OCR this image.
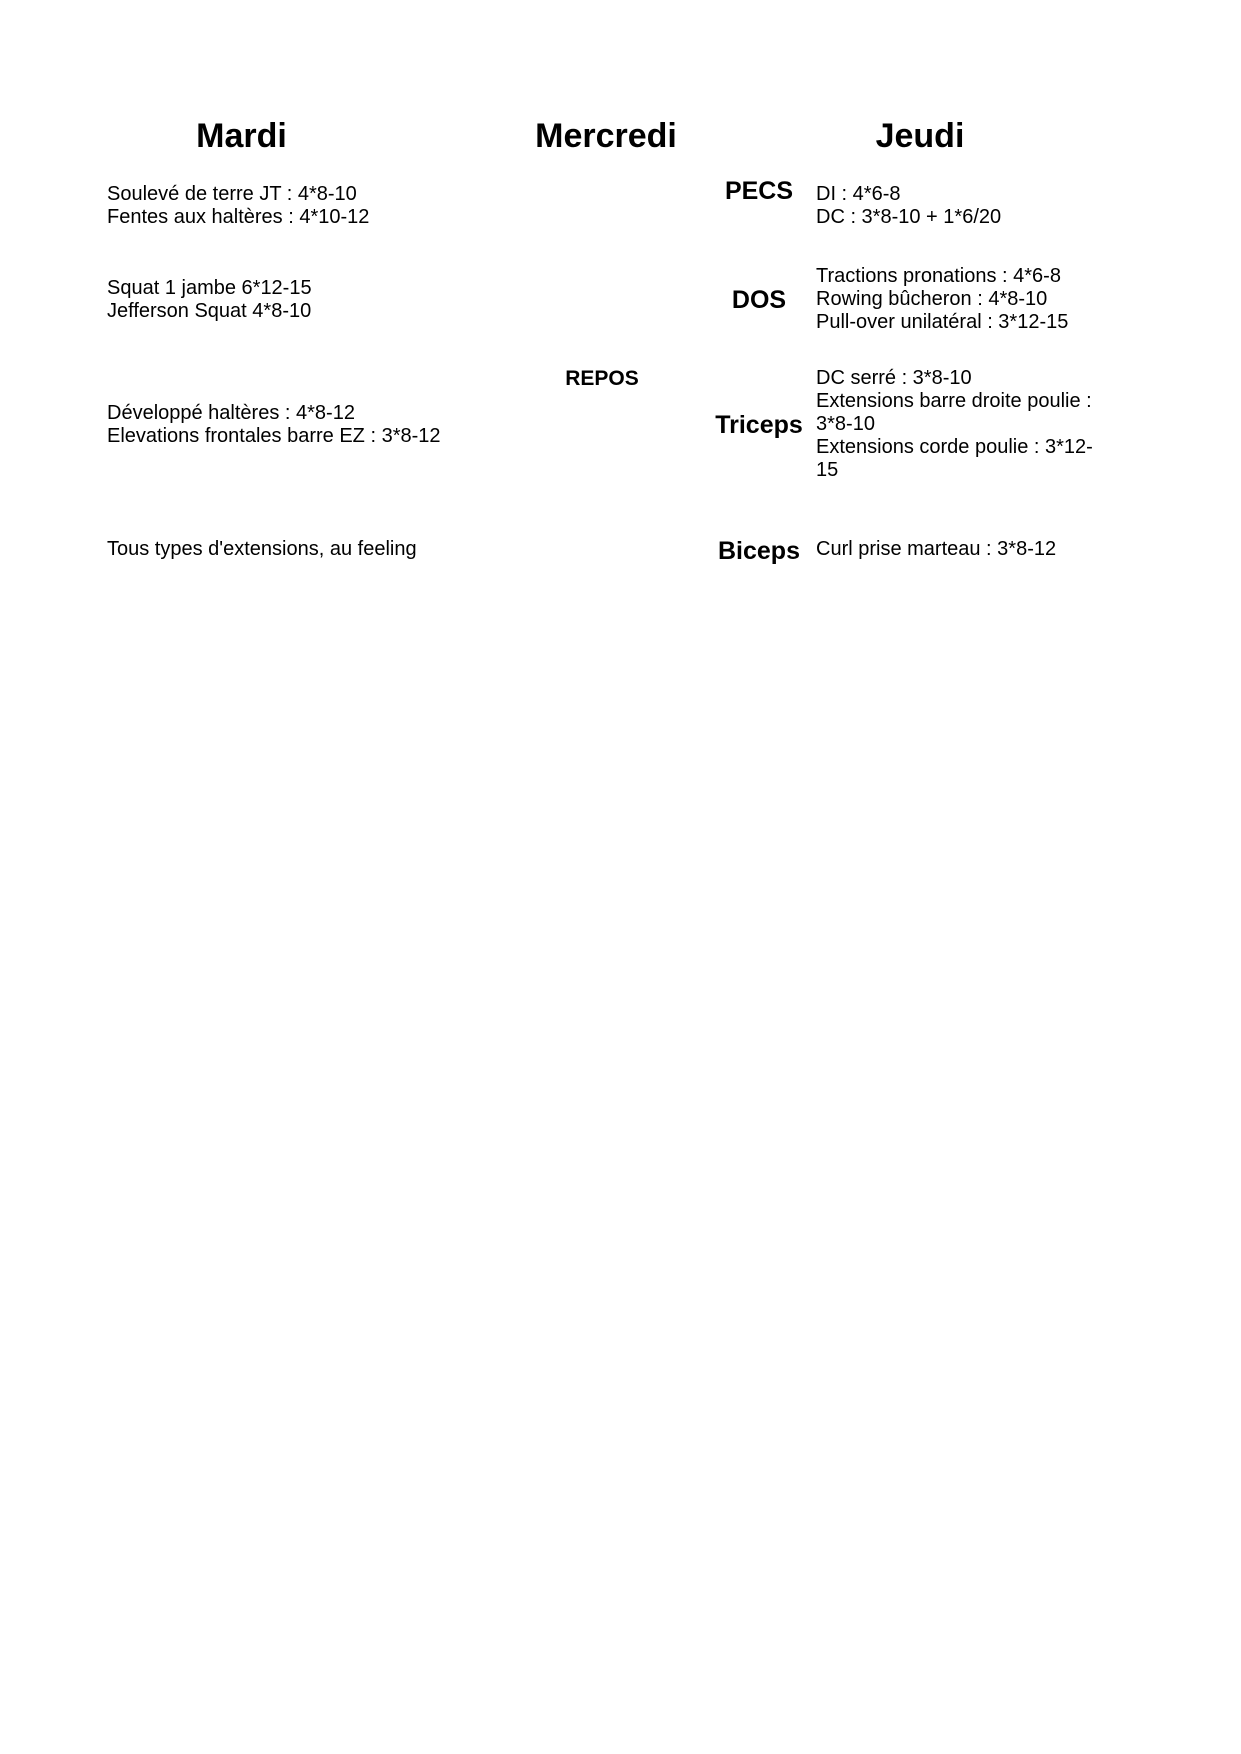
Mardi	Mercredi	Jeudi
Soulevé de terre JT : 4*8-10
Fentes aux haltères : 4*10-12
Squat 1 jambe 6*12-15
Jefferson Squat 4*8-10
Développé haltères : 4*8-12
Elevations frontales barre EZ : 3*8-12
Tous types d'extensions, au feeling
REPOS
PECS
DOS
Triceps
Biceps
DI : 4*6-8
DC : 3*8-10 + 1*6/20
Tractions pronations : 4*6-8
Rowing bûcheron : 4*8-10
Pull-over unilatéral : 3*12-15
DC serré : 3*8-10
Extensions barre droite poulie :
3*8-10
Extensions corde poulie : 3*12-
15
Curl prise marteau : 3*8-12
